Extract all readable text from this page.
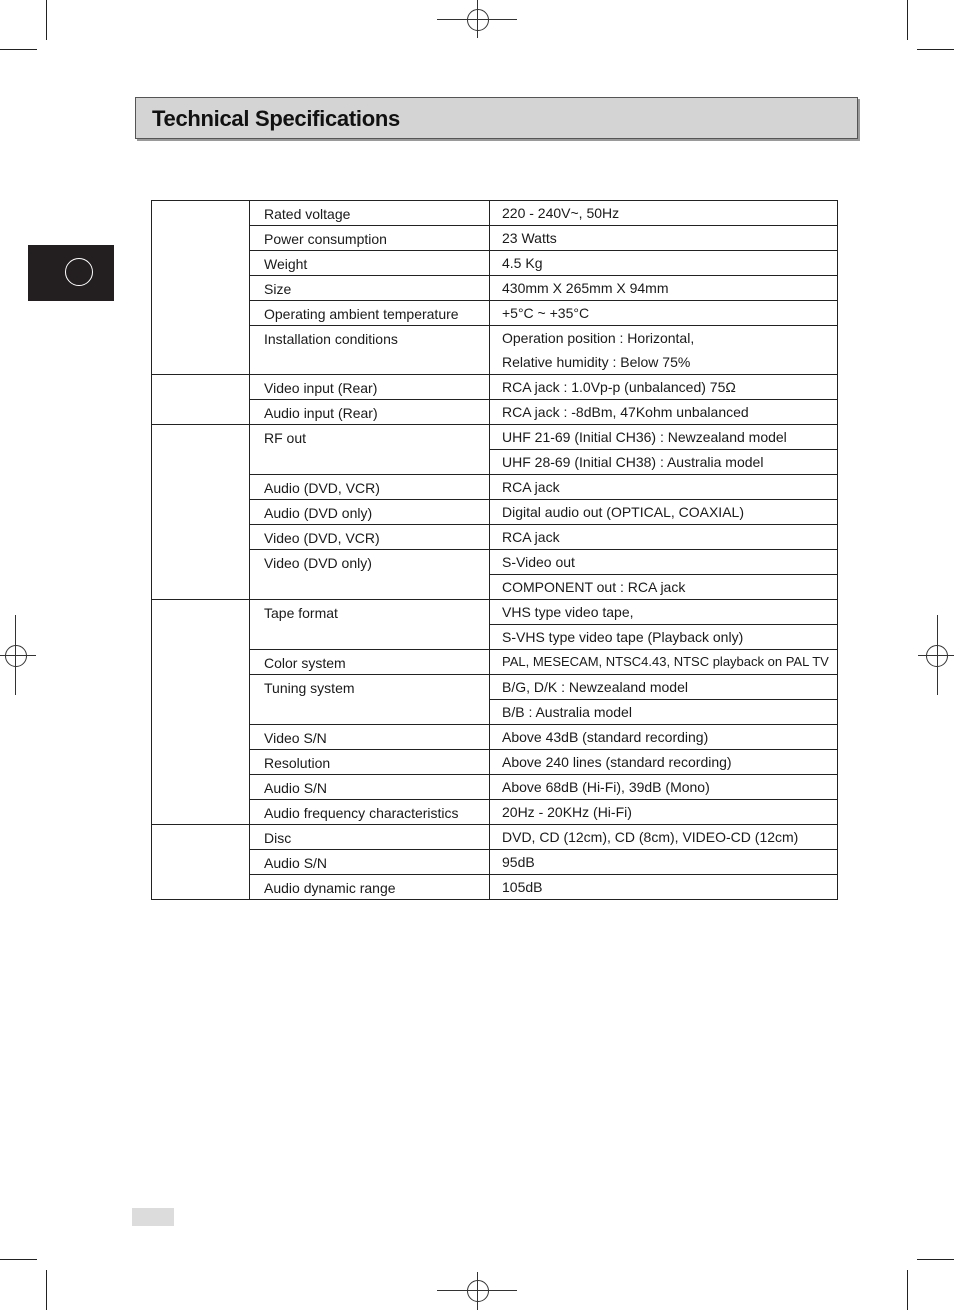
Technical Specifications
Rated voltage	220 - 240V~, 50Hz
Power consumption	23 Watts
Weight	4.5 Kg
Size	430mm X 265mm X 94mm
Operating ambient temperature	+5°C ~ +35°C
Installation conditions	Operation position : Horizontal,
Relative humidity : Below 75%
Video input (Rear)	RCA jack : 1.0Vp-p (unbalanced) 75Ω
Audio input (Rear)	RCA jack : -8dBm, 47Kohm unbalanced
RF out	UHF 21-69 (Initial CH36) : Newzealand model
UHF 28-69 (Initial CH38) : Australia model
Audio (DVD, VCR)	RCA jack
Audio (DVD only)	Digital audio out (OPTICAL, COAXIAL)
Video (DVD, VCR)	RCA jack
Video (DVD only)	S-Video out
COMPONENT out : RCA jack
Tape format	VHS type video tape,
S-VHS type video tape (Playback only)
Color system	PAL, MESECAM, NTSC4.43, NTSC playback on PAL TV
Tuning system	B/G, D/K : Newzealand model
B/B : Australia model
Video S/N	Above 43dB (standard recording)
Resolution	Above 240 lines (standard recording)
Audio S/N	Above 68dB (Hi-Fi), 39dB (Mono)
Audio frequency characteristics	20Hz - 20KHz (Hi-Fi)
Disc	DVD, CD (12cm), CD (8cm), VIDEO-CD (12cm)
Audio S/N	95dB
Audio dynamic range	105dB
